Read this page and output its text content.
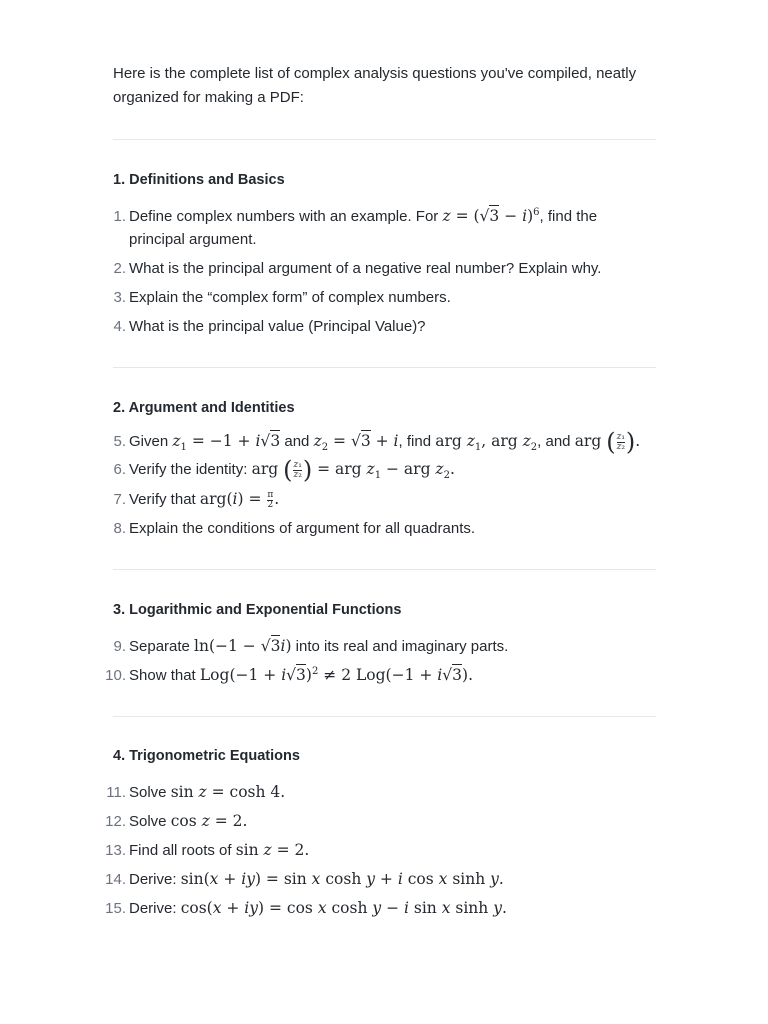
Here is the complete list of complex analysis questions you've compiled, neatly organized for making a PDF:

1. Definitions and Basics
1. Define complex numbers with an example. For $z = (√3 - i)^6$, find the principal argument.
2. What is the principal argument of a negative real number? Explain why.
3. Explain the “complex form” of complex numbers.
4. What is the principal value (Principal Value)?
2. Argument and Identities
5. Given $z_1 = -1 + i√3$ and $z_2 = √3 + i$, find arg $z_1$, arg $z_2$, and arg ( $\frac{\text{z₁}}{\text{z₂}}$ ).
6. Verify the identity: arg ( $\frac{\text{z₁}}{\text{z₂}}$ ) = arg $z_1$ − arg $z_2$.
7. Verify that $arg(i) = \frac{\pi}{2}$ .
8. Explain the conditions of argument for all quadrants.
3. Logarithmic and Exponential Functions
9. Separate ln(−1 − √3i) into its real and imaginary parts.
10. Show that $Log(-1 + i√3)^2 \ne 2$ Log(−1 + i√3).
4. Trigonometric Equations
11. Solve sin z = cosh 4.
12. Solve cos z = 2.
13. Find all roots of sin z = 2.
14. Derive: sin(x + iy) = sin x cosh y + i cos x sinh y.
15. Derive: cos(x + iy) = cos x cosh y − i sin x sinh y.
